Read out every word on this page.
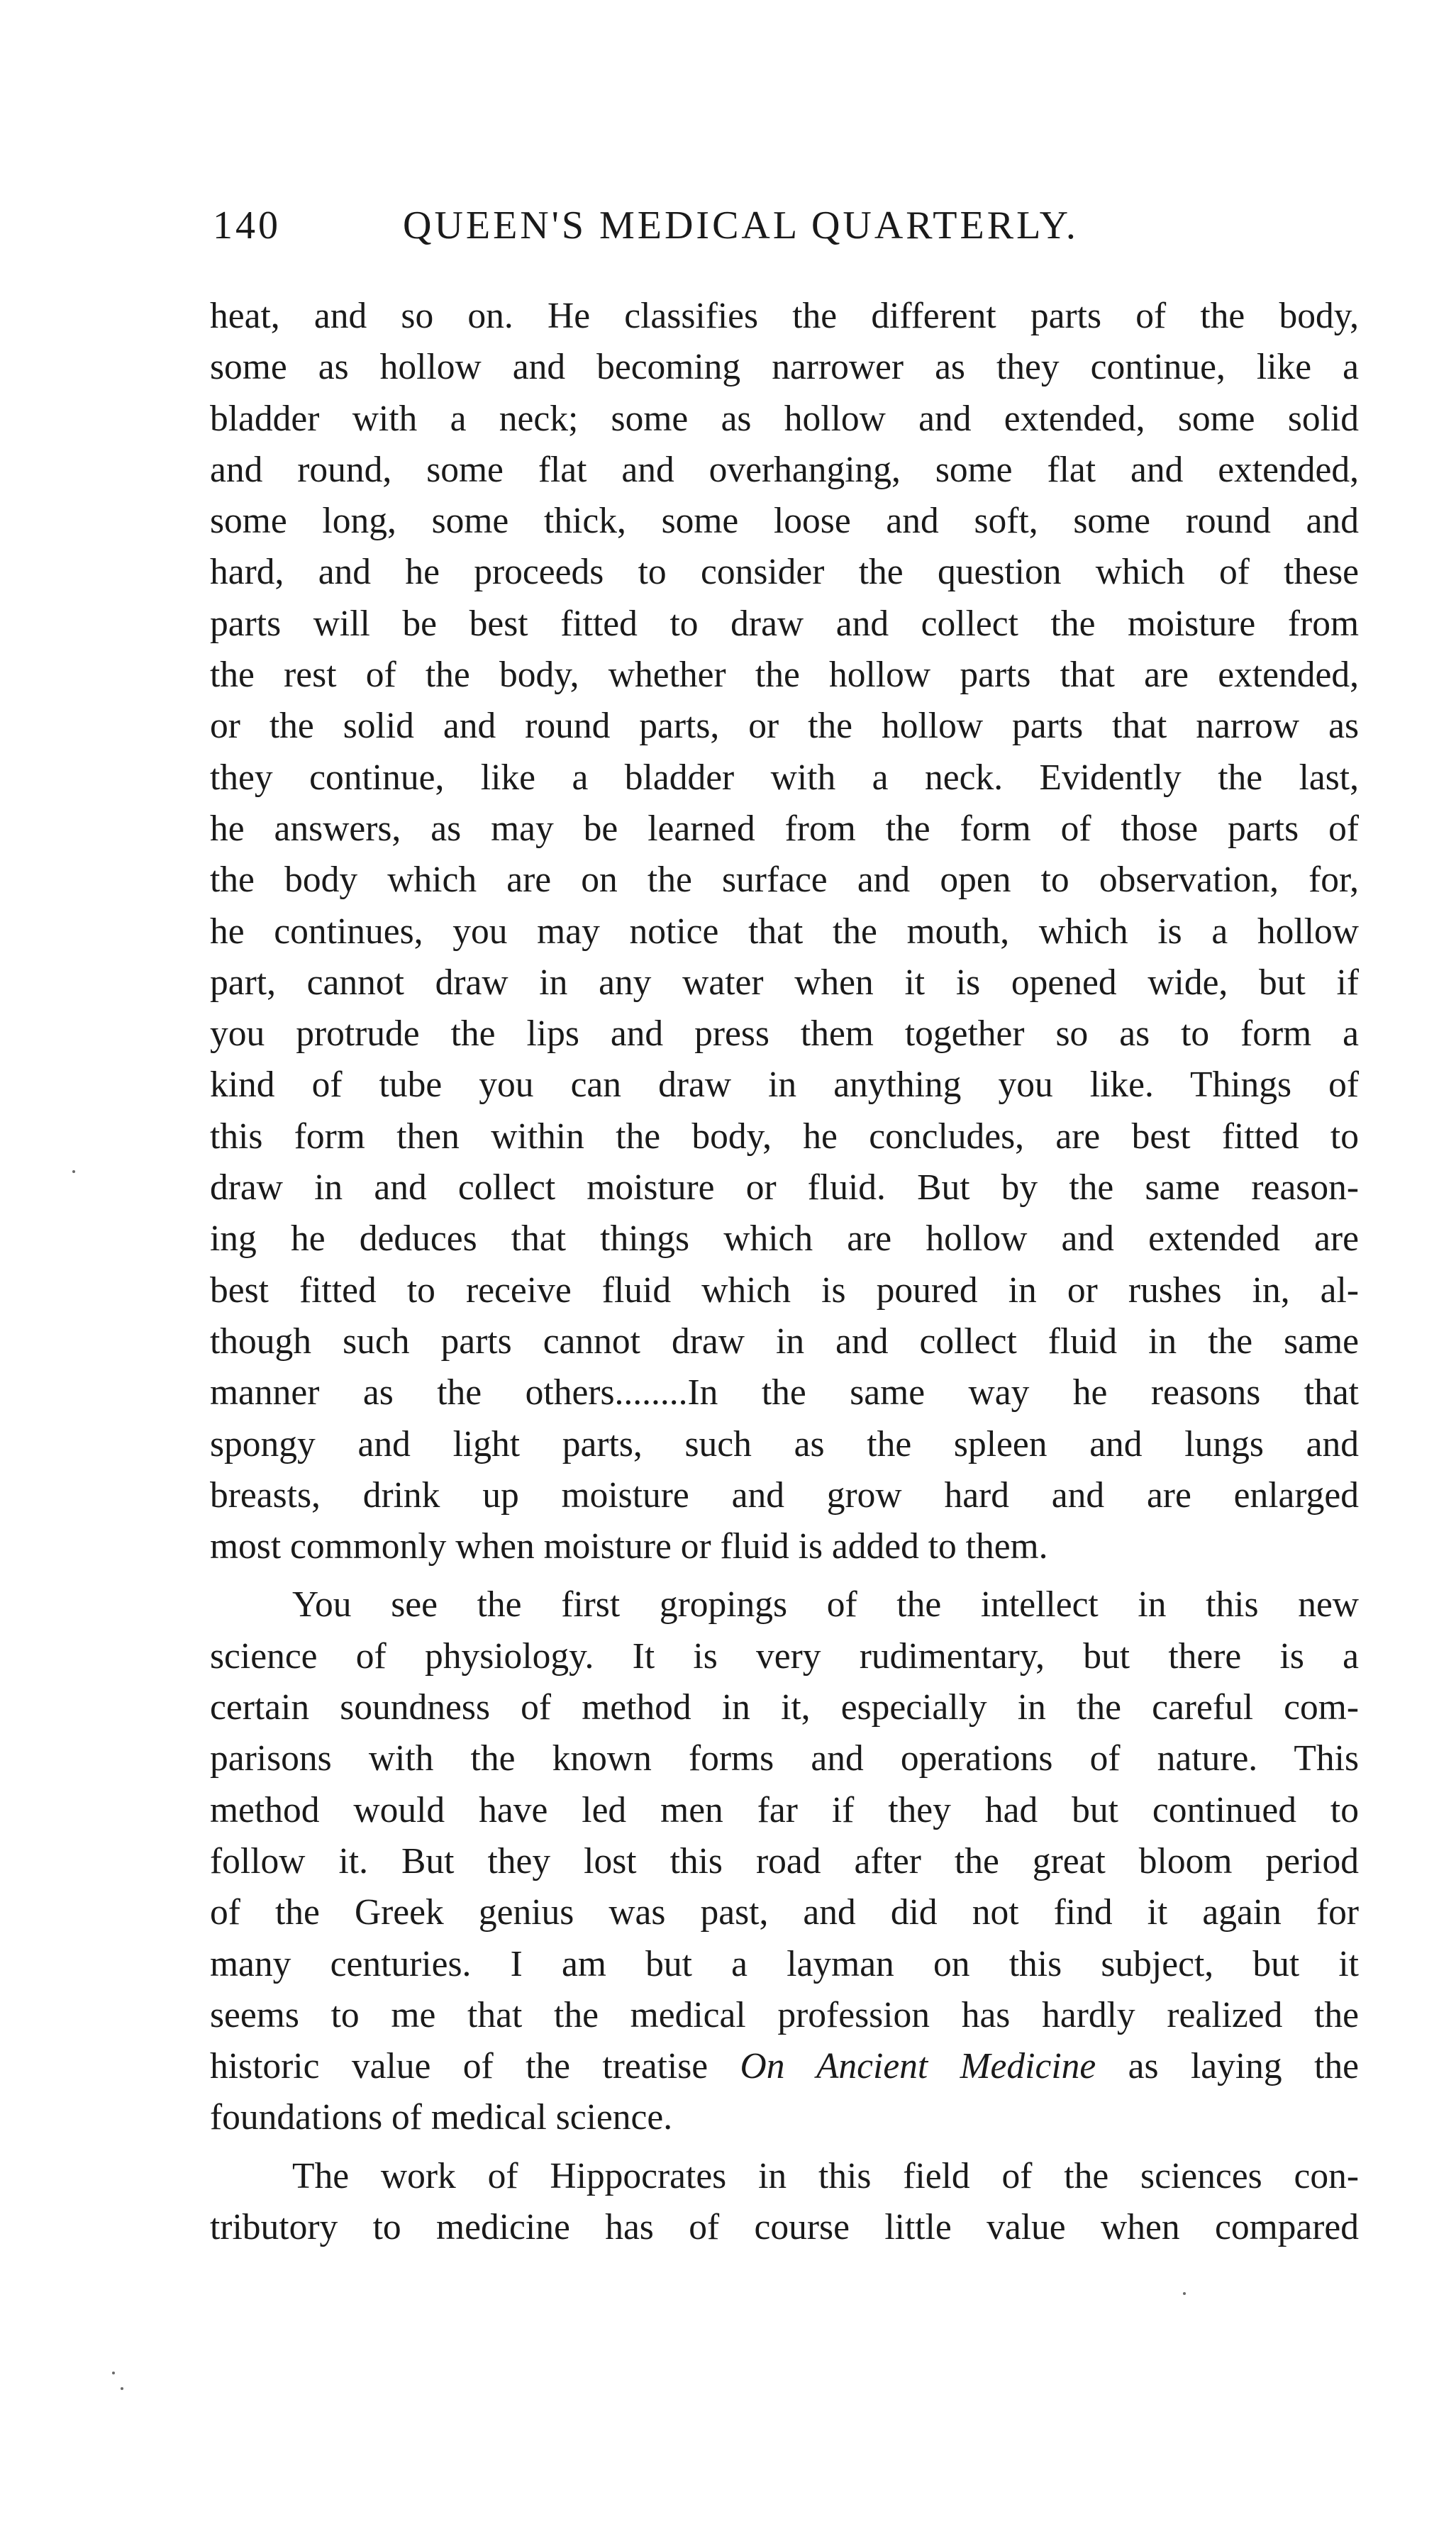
140	QUEEN'S MEDICAL QUARTERLY.
heat, and so on. He classifies the different parts of the body,
some as hollow and becoming narrower as they continue, like a
bladder with a neck; some as hollow and extended, some solid
and round, some flat and overhanging, some flat and extended,
some long, some thick, some loose and soft, some round and
hard, and he proceeds to consider the question which of these
parts will be best fitted to draw and collect the moisture from
the rest of the body, whether the hollow parts that are extended,
or the solid and round parts, or the hollow parts that narrow as
they continue, like a bladder with a neck. Evidently the last,
he answers, as may be learned from the form of those parts of
the body which are on the surface and open to observation, for,
he continues, you may notice that the mouth, which is a hollow
part, cannot draw in any water when it is opened wide, but if
you protrude the lips and press them together so as to form a
kind of tube you can draw in anything you like. Things of
this form then within the body, he concludes, are best fitted to
draw in and collect moisture or fluid. But by the same reason-
ing he deduces that things which are hollow and extended are
best fitted to receive fluid which is poured in or rushes in, al-
though such parts cannot draw in and collect fluid in the same
manner as the others........In the same way he reasons that
spongy and light parts, such as the spleen and lungs and
breasts, drink up moisture and grow hard and are enlarged
most commonly when moisture or fluid is added to them.
You see the first gropings of the intellect in this new
science of physiology. It is very rudimentary, but there is a
certain soundness of method in it, especially in the careful com-
parisons with the known forms and operations of nature. This
method would have led men far if they had but continued to
follow it. But they lost this road after the great bloom period
of the Greek genius was past, and did not find it again for
many centuries. I am but a layman on this subject, but it
seems to me that the medical profession has hardly realized the
historic value of the treatise On Ancient Medicine as laying the
foundations of medical science.
The work of Hippocrates in this field of the sciences con-
tributory to medicine has of course little value when compared
